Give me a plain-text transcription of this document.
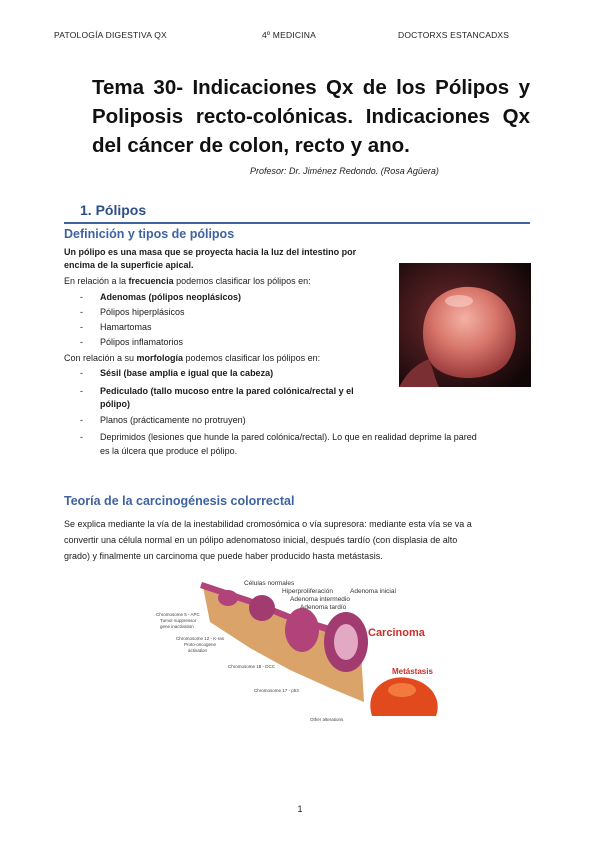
PATOLOGÍA DIGESTIVA QX	4º MEDICINA	DOCTORXS ESTANCADXS
Tema 30- Indicaciones Qx de los Pólipos y Poliposis recto-colónicas. Indicaciones Qx del cáncer de colon, recto y ano.
Profesor: Dr. Jiménez Redondo. (Rosa Agüera)
1. Pólipos
Definición y tipos de pólipos
Un pólipo es una masa que se proyecta hacia la luz del intestino por
encima de la superficie apical.
En relación a la frecuencia podemos clasificar los pólipos en:
- Adenomas (pólipos neoplásicos)
- Pólipos hiperplásicos
- Hamartomas
- Pólipos inflamatorios
Con relación a su morfología podemos clasificar los pólipos en:
- Sésil (base amplia e igual que la cabeza)
- Pediculado (tallo mucoso entre la pared colónica/rectal y el
pólipo)
- Planos (prácticamente no protruyen)
- Deprimidos (lesiones que hunde la pared colónica/rectal). Lo que en realidad deprime la pared
es la úlcera que produce el pólipo.
Teoría de la carcinogénesis colorrectal
Se explica mediante la vía de la inestabilidad cromosómica o vía supresora: mediante esta vía se va a
convertir una célula normal en un pólipo adenomatoso inicial, después tardío (con displasia de alto
grado) y finalmente un carcinoma que puede haber producido hasta metástasis.
Células normales
Hiperproliferación	Adenoma inicial
Adenoma intermedio
Adenoma tardío
Carcinoma
Metástasis
Chromosome 5 - APC
Tumor suppressor
gene inactivation
Chromosome 12 - K-ras
Proto-oncogene
activation
Chromosome 18 - DCC
Chromosome 17 - p53
Other alterations
1
